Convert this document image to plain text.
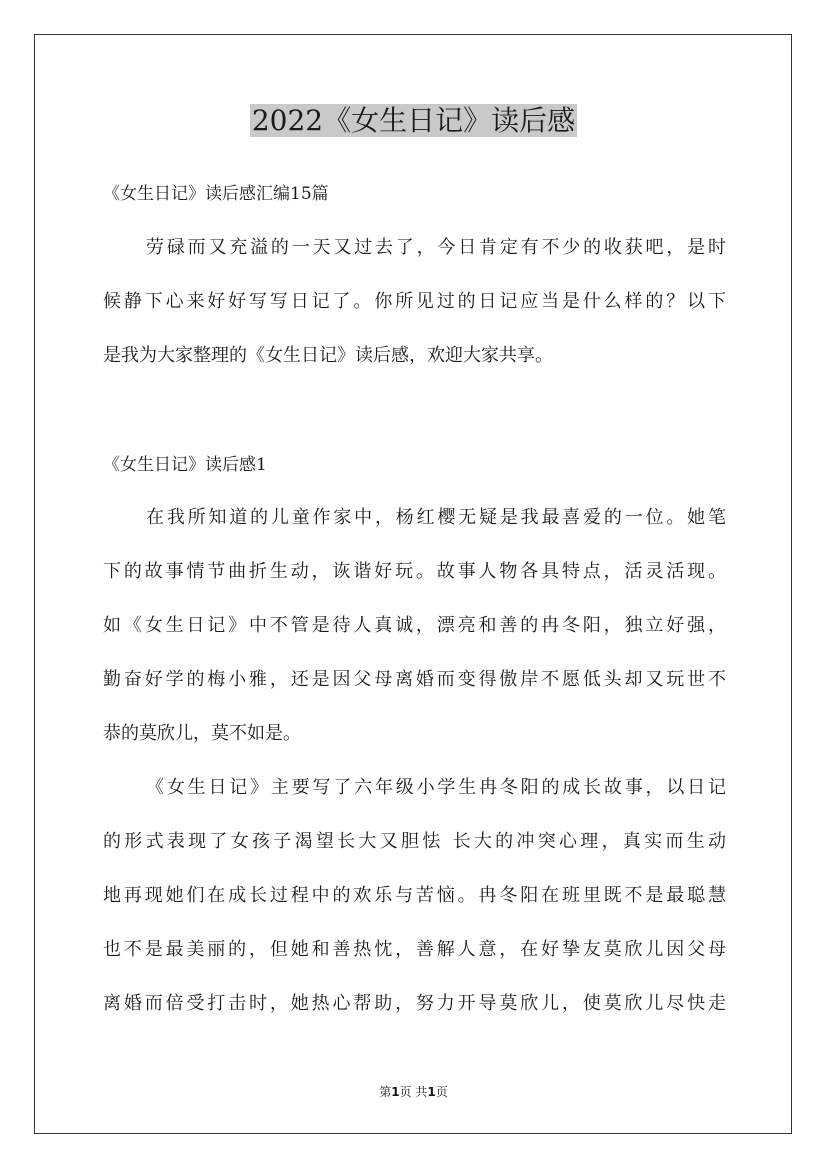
2022《女生日记》读后感
《女生日记》读后感汇编15篇
劳碌而又充溢的一天又过去了，今日肯定有不少的收获吧，是时
候静下心来好好写写日记了。你所见过的日记应当是什么样的？以下
是我为大家整理的《女生日记》读后感，欢迎大家共享。
《女生日记》读后感1
在我所知道的儿童作家中，杨红樱无疑是我最喜爱的一位。她笔
下的故事情节曲折生动，诙谐好玩。故事人物各具特点，活灵活现。
如《女生日记》中不管是待人真诚，漂亮和善的冉冬阳，独立好强，
勤奋好学的梅小雅，还是因父母离婚而变得傲岸不愿低头却又玩世不
恭的莫欣儿，莫不如是。
《女生日记》主要写了六年级小学生冉冬阳的成长故事，以日记
的形式表现了女孩子渴望长大又胆怯 长大的冲突心理，真实而生动
地再现她们在成长过程中的欢乐与苦恼。冉冬阳在班里既不是最聪慧
也不是最美丽的，但她和善热忱，善解人意，在好挚友莫欣儿因父母
离婚而倍受打击时，她热心帮助，努力开导莫欣儿，使莫欣儿尽快走
第1页 共1页
